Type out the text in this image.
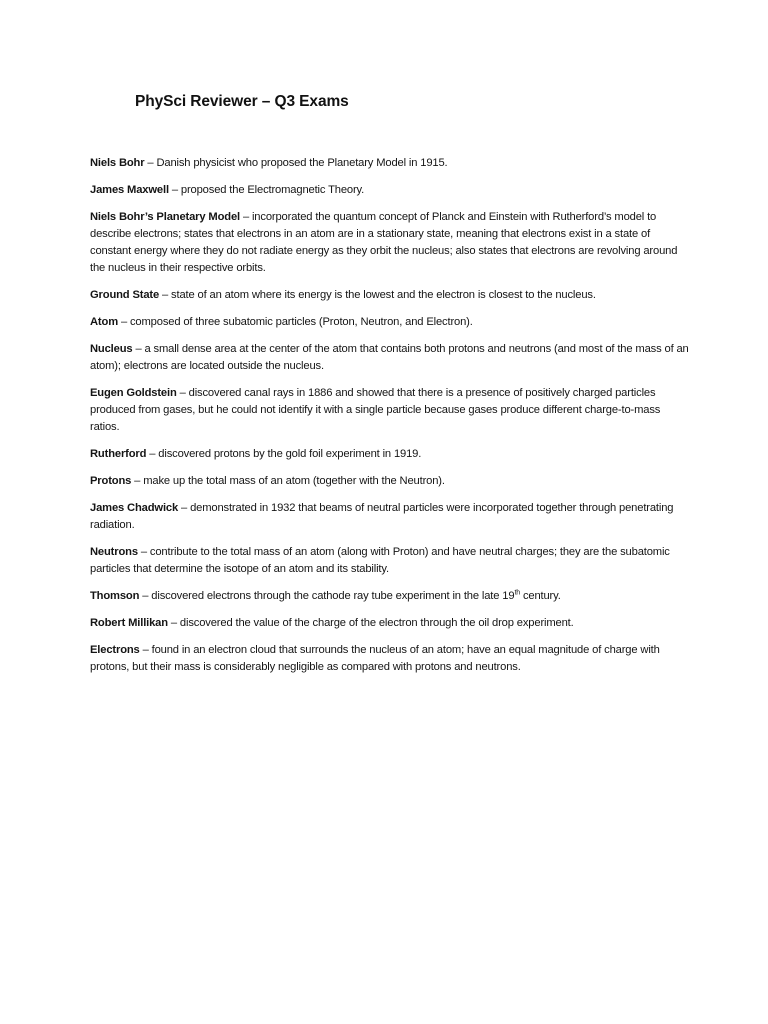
PhySci Reviewer – Q3 Exams

Niels Bohr – Danish physicist who proposed the Planetary Model in 1915.

James Maxwell – proposed the Electromagnetic Theory.

Niels Bohr’s Planetary Model – incorporated the quantum concept of Planck and Einstein with Rutherford’s model to describe electrons; states that electrons in an atom are in a stationary state, meaning that electrons exist in a state of constant energy where they do not radiate energy as they orbit the nucleus; also states that electrons are revolving around the nucleus in their respective orbits.

Ground State – state of an atom where its energy is the lowest and the electron is closest to the nucleus.

Atom – composed of three subatomic particles (Proton, Neutron, and Electron).

Nucleus – a small dense area at the center of the atom that contains both protons and neutrons (and most of the mass of an atom); electrons are located outside the nucleus.

Eugen Goldstein – discovered canal rays in 1886 and showed that there is a presence of positively charged particles produced from gases, but he could not identify it with a single particle because gases produce different charge-to-mass ratios.

Rutherford – discovered protons by the gold foil experiment in 1919.

Protons – make up the total mass of an atom (together with the Neutron).

James Chadwick – demonstrated in 1932 that beams of neutral particles were incorporated together through penetrating radiation.

Neutrons – contribute to the total mass of an atom (along with Proton) and have neutral charges; they are the subatomic particles that determine the isotope of an atom and its stability.

Thomson – discovered electrons through the cathode ray tube experiment in the late 19th century.

Robert Millikan – discovered the value of the charge of the electron through the oil drop experiment.

Electrons – found in an electron cloud that surrounds the nucleus of an atom; have an equal magnitude of charge with protons, but their mass is considerably negligible as compared with protons and neutrons.
